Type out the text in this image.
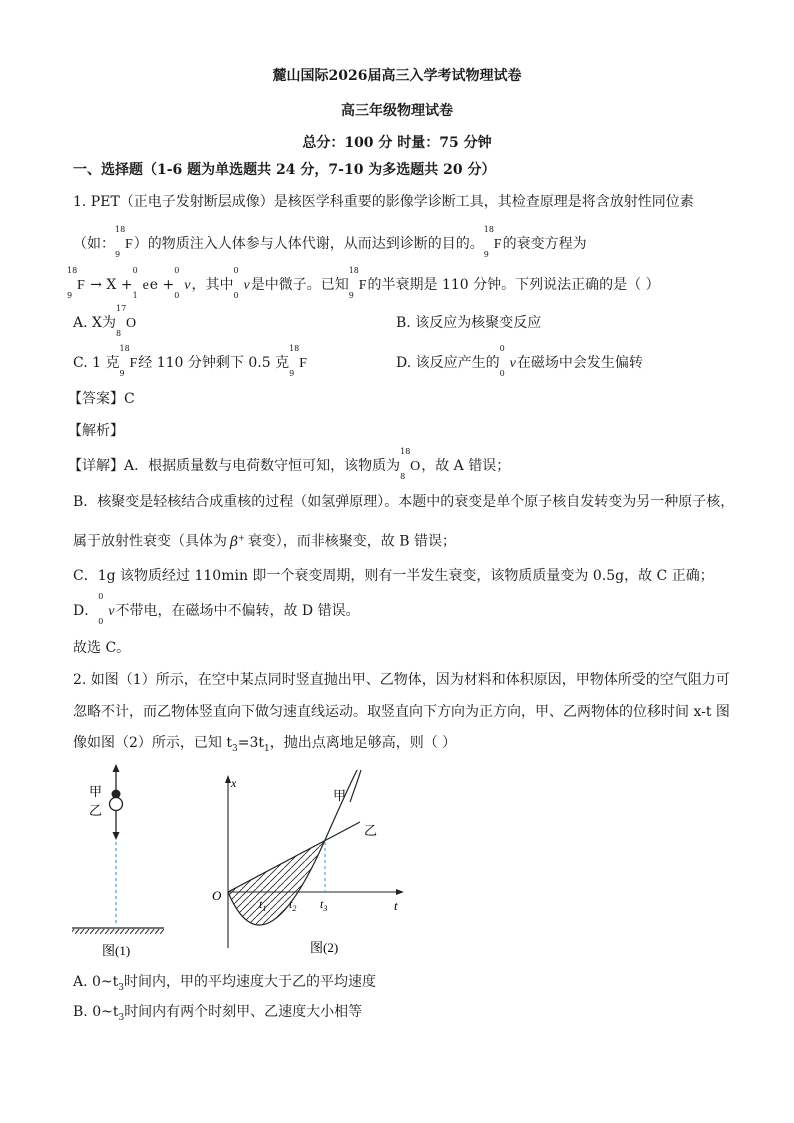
麓山国际2026届高三入学考试物理试卷
高三年级物理试卷
总分：100 分 时量：75 分钟
一、选择题（1-6 题为单选题共 24 分，7-10 为多选题共 20 分）
1. PET（正电子发射断层成像）是核医学科重要的影像学诊断工具，其检查原理是将含放射性同位素
（如：
18
9
F）的物质注入人体参与人体代谢，从而达到诊断的目的。
18
9
F的衰变方程为
18
9
F → X +
0
1
ee +
0
0
ν，其中
0
0
ν是中微子。已知
18
9
F的半衰期是 110 分钟。下列说法正确的是（ ）
A. X为
17
8
O	B. 该反应为核聚变反应
C. 1 克
18
9
F经 110 分钟剩下 0.5 克
18
9
F	D. 该反应产生的
0
0
ν在磁场中会发生偏转
【答案】C
【解析】
【详解】A．根据质量数与电荷数守恒可知，该物质为
18
8
O，故 A 错误；
B．核聚变是轻核结合成重核的过程（如氢弹原理）。本题中的衰变是单个原子核自发转变为另一种原子核，
属于放射性衰变（具体为 β+ 衰变），而非核聚变，故 B 错误；
C．1g 该物质经过 110min 即一个衰变周期，则有一半发生衰变，该物质质量变为 0.5g，故 C 正确；
D．
0
0
ν不带电，在磁场中不偏转，故 D 错误。
故选 C。
2. 如图（1）所示，在空中某点同时竖直抛出甲、乙物体，因为材料和体积原因，甲物体所受的空气阻力可
忽略不计，而乙物体竖直向下做匀速直线运动。取竖直向下方向为正方向，甲、乙两物体的位移时间 x-t 图
像如图（2）所示，已知 $t_3=3t_1$，抛出点离地足够高，则（ ）
甲
乙
图(1)
x
t
O
$t_1$ $t_2$ $t_3$
甲
乙
图(2)
A. $0\sim t_3$时间内，甲的平均速度大于乙的平均速度
B. $0\sim t_3$时间内有两个时刻甲、乙速度大小相等
